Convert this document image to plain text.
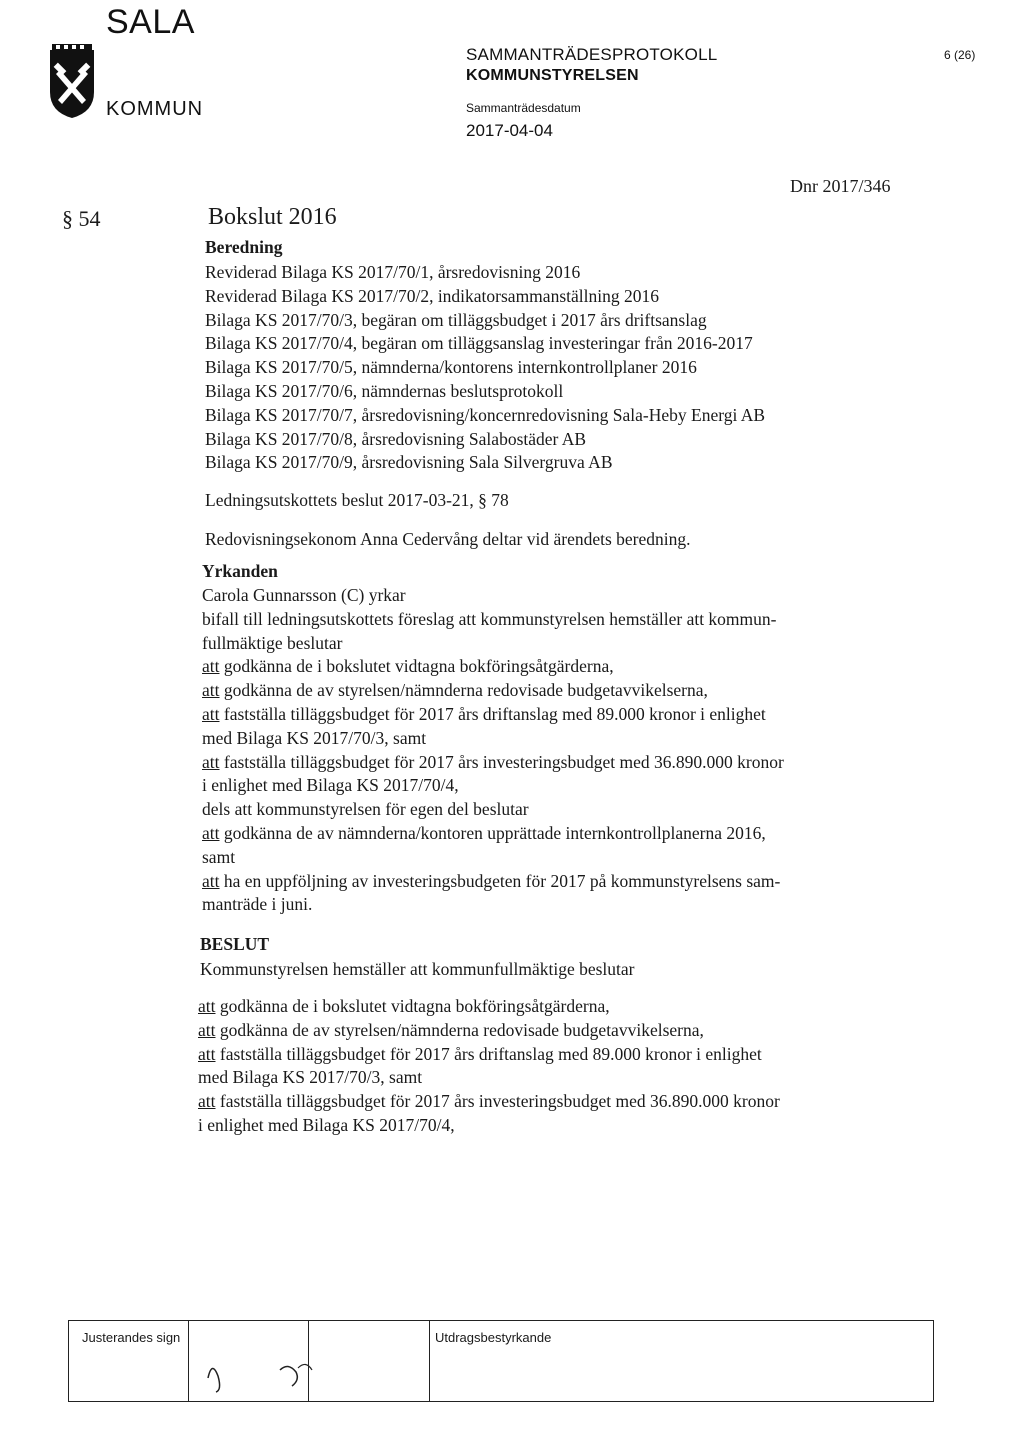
SALA
KOMMUN
SAMMANTRÄDESPROTOKOLL
KOMMUNSTYRELSEN
Sammanträdesdatum
2017-04-04
6 (26)
Dnr 2017/346
§ 54	Bokslut 2016
Beredning
Reviderad Bilaga KS 2017/70/1, årsredovisning 2016
Reviderad Bilaga KS 2017/70/2, indikatorsammanställning 2016
Bilaga KS 2017/70/3, begäran om tilläggsbudget i 2017 års driftsanslag
Bilaga KS 2017/70/4, begäran om tilläggsanslag investeringar från 2016-2017
Bilaga KS 2017/70/5, nämnderna/kontorens internkontrollplaner 2016
Bilaga KS 2017/70/6, nämndernas beslutsprotokoll
Bilaga KS 2017/70/7, årsredovisning/koncernredovisning Sala-Heby Energi AB
Bilaga KS 2017/70/8, årsredovisning Salabostäder AB
Bilaga KS 2017/70/9, årsredovisning Sala Silvergruva AB
Ledningsutskottets beslut 2017-03-21, § 78
Redovisningsekonom Anna Cedervång deltar vid ärendets beredning.
Yrkanden
Carola Gunnarsson (C) yrkar
bifall till ledningsutskottets föreslag att kommunstyrelsen hemställer att kommun-
fullmäktige beslutar
att godkänna de i bokslutet vidtagna bokföringsåtgärderna,
att godkänna de av styrelsen/nämnderna redovisade budgetavvikelserna,
att fastställa tilläggsbudget för 2017 års driftanslag med 89.000 kronor i enlighet
med Bilaga KS 2017/70/3, samt
att fastställa tilläggsbudget för 2017 års investeringsbudget med 36.890.000 kronor
i enlighet med Bilaga KS 2017/70/4,
dels att kommunstyrelsen för egen del beslutar
att godkänna de av nämnderna/kontoren upprättade internkontrollplanerna 2016,
samt
att ha en uppföljning av investeringsbudgeten för 2017 på kommunstyrelsens sam-
manträde i juni.
BESLUT
Kommunstyrelsen hemställer att kommunfullmäktige beslutar
att godkänna de i bokslutet vidtagna bokföringsåtgärderna,
att godkänna de av styrelsen/nämnderna redovisade budgetavvikelserna,
att fastställa tilläggsbudget för 2017 års driftanslag med 89.000 kronor i enlighet
med Bilaga KS 2017/70/3, samt
att fastställa tilläggsbudget för 2017 års investeringsbudget med 36.890.000 kronor
i enlighet med Bilaga KS 2017/70/4,
Justerandes sign	Utdragsbestyrkande
